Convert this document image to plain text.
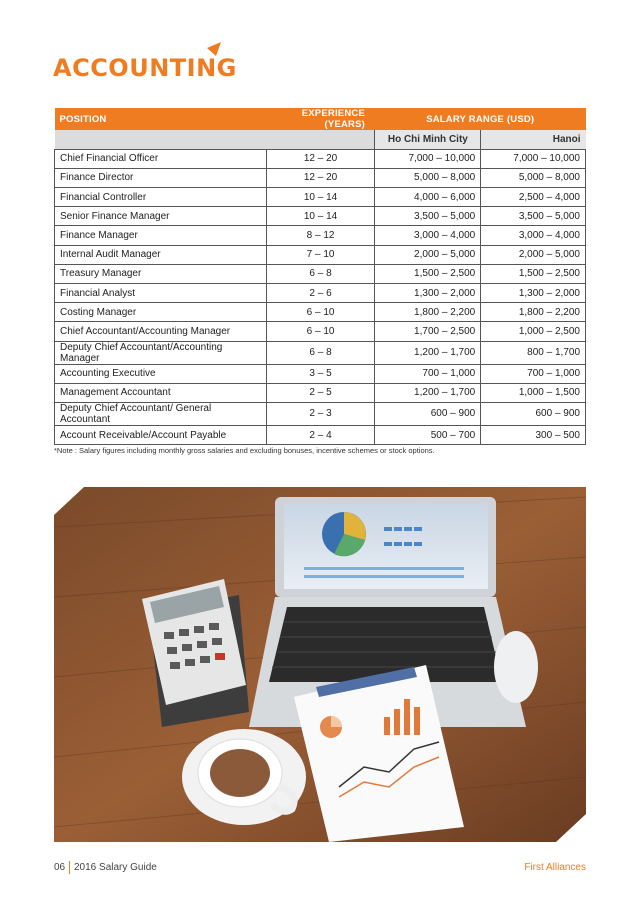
ACCOUNTING
POSITION	EXPERIENCE (YEARS)	SALARY RANGE (USD)	
		Ho Chi Minh City	Hanoi
Chief Financial Officer	12 – 20	7,000 – 10,000	7,000 – 10,000
Finance Director	12 – 20	5,000 – 8,000	5,000 – 8,000
Financial Controller	10 – 14	4,000 – 6,000	2,500 – 4,000
Senior Finance Manager	10 – 14	3,500 – 5,000	3,500 – 5,000
Finance Manager	8 – 12	3,000 – 4,000	3,000 – 4,000
Internal Audit Manager	7 – 10	2,000 – 5,000	2,000 – 5,000
Treasury Manager	6 – 8	1,500 – 2,500	1,500 – 2,500
Financial Analyst	2 – 6	1,300 – 2,000	1,300 – 2,000
Costing Manager	6 – 10	1,800 – 2,200	1,800 – 2,200
Chief Accountant/Accounting Manager	6 – 10	1,700 – 2,500	1,000 – 2,500
Deputy Chief Accountant/Accounting Manager	6 – 8	1,200 – 1,700	800 – 1,700
Accounting Executive	3 – 5	700 – 1,000	700 – 1,000
Management Accountant	2 – 5	1,200 – 1,700	1,000 – 1,500
Deputy Chief Accountant/ General Accountant	2 – 3	600 – 900	600 – 900
Account Receivable/Account Payable	2 – 4	500 – 700	300 – 500
*Note : Salary figures including monthly gross salaries and excluding bonuses, incentive schemes or stock options.
06 2016 Salary Guide	First Alliances
